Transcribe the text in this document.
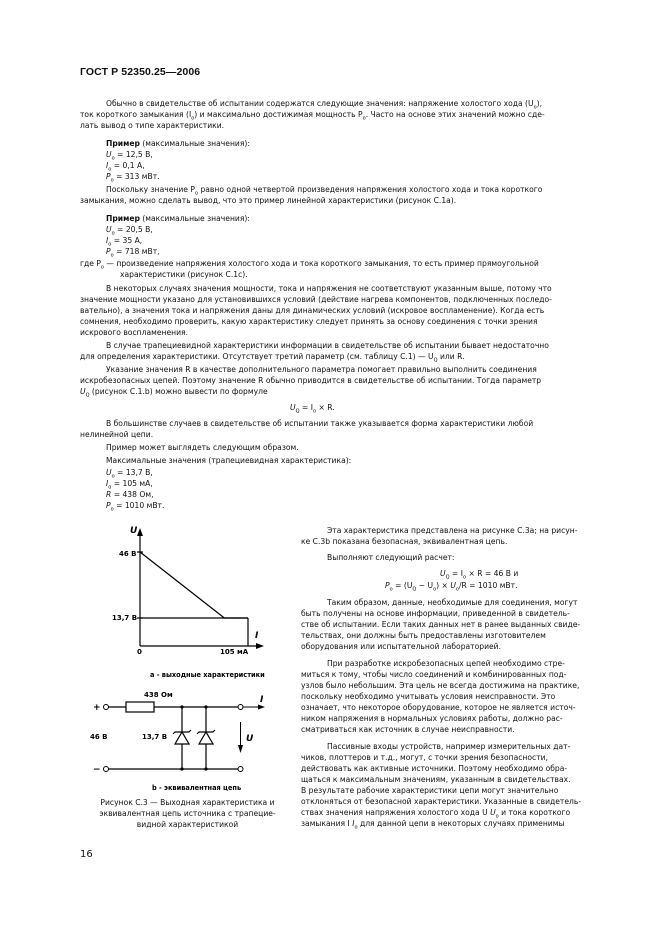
ГОСТ Р 52350.25—2006
Обычно в свидетельстве об испытании содержатся следующие значения: напряжение холостого хода $(U_o)$,
ток короткого замыкания $(I_o)$ и максимально достижимая мощность $P_o$. Часто на основе этих значений можно сде-
лать вывод о типе характеристики.
Пример (максимальные значения):
$U_o = 12,5$ В,
$I_o = 0,1$ А,
$P_o = 313$ мВт.
Поскольку значение $P_o$ равно одной четвертой произведения напряжения холостого хода и тока короткого
замыкания, можно сделать вывод, что это пример линейной характеристики (рисунок С.1а).
Пример (максимальные значения):
$U_o = 20,5$ В,
$I_o = 35$ А,
$P_o = 718$ мВт,
где $P_o$ — произведение напряжения холостого хода и тока короткого замыкания, то есть пример прямоугольной
характеристики (рисунок С.1с).
В некоторых случаях значения мощности, тока и напряжения не соответствуют указанным выше, потому что
значение мощности указано для установившихся условий (действие нагрева компонентов, подключенных последо-
вательно), а значения тока и напряжения даны для динамических условий (искровое воспламенение). Когда есть
сомнения, необходимо проверить, какую характеристику следует принять за основу соединения с точки зрения
искрового воспламенения.
В случае трапециевидной характеристики информации в свидетельстве об испытании бывает недостаточно
для определения характеристики. Отсутствует третий параметр (см. таблицу С.1) — $U_Q$ или R.
Указание значения R в качестве дополнительного параметра помогает правильно выполнить соединения
искробезопасных цепей. Поэтому значение R обычно приводится в свидетельстве об испытании. Тогда параметр
$U_Q$ (рисунок С.1.b) можно вывести по формуле
$U_Q = I_o \times R$.
В большинстве случаев в свидетельстве об испытании также указывается форма характеристики любой
нелинейной цепи.
Пример может выглядеть следующим образом.
Максимальные значения (трапециевидная характеристика):
$U_o = 13,7$ В,
$I_o = 105$ мА,
R = 438 Ом,
$P_o = 1010$ мВт.
Эта характеристика представлена на рисунке С.3а; на рисун-
ке С.3b показана безопасная, эквивалентная цепь.
Выполняют следующий расчет:
$U_Q = I_o \times R = 46$ В и
$P_o = (U_Q - U_o) \times U_o/R = 1010$ мВт.
Таким образом, данные, необходимые для соединения, могут
быть получены на основе информации, приведенной в свидетель-
стве об испытании. Если таких данных нет в ранее выданных свиде-
тельствах, они должны быть предоставлены изготовителем
оборудования или испытательной лабораторией.
При разработке искробезопасных цепей необходимо стре-
миться к тому, чтобы число соединений и комбинированных под-
узлов было небольшим. Эта цель не всегда достижима на практике,
поскольку необходимо учитывать условия неисправности. Это
означает, что некоторое оборудование, которое не является источ-
ником напряжения в нормальных условиях работы, должно рас-
сматриваться как источник в случае неисправности.
Пассивные входы устройств, например измерительных дат-
чиков, плоттеров и т.д., могут, с точки зрения безопасности,
действовать как активные источники. Поэтому необходимо обра-
щаться к максимальным значениям, указанным в свидетельствах.
В результате рабочие характеристики цепи могут значительно
отклоняться от безопасной характеристики. Указанные в свидетель-
ствах значения напряжения холостого хода U $U_o$ и тока короткого
замыкания I $I_o$ для данной цепи в некоторых случаях применимы
U
I
46 В
13,7 В
0	105 мА
a - выходные характеристики
438 Ом
+
I
46 В
−
13,7 В	U
b - эквивалентная цепь
Рисунок С.3 — Выходная характеристика и
эквивалентная цепь источника с трапецие-
видной характеристикой
16
